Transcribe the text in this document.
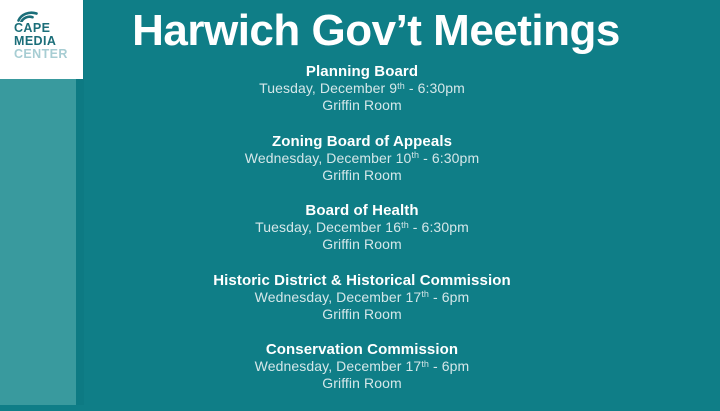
CAPE
MEDIA
CENTER	Harwich Gov’t Meetings
Planning Board
Tuesday, December 9th - 6:30pm
Griffin Room
Zoning Board of Appeals
Wednesday, December 10th - 6:30pm
Griffin Room
Board of Health
Tuesday, December 16th - 6:30pm
Griffin Room
Historic District & Historical Commission
Wednesday, December 17th - 6pm
Griffin Room
Conservation Commission
Wednesday, December 17th - 6pm
Griffin Room
